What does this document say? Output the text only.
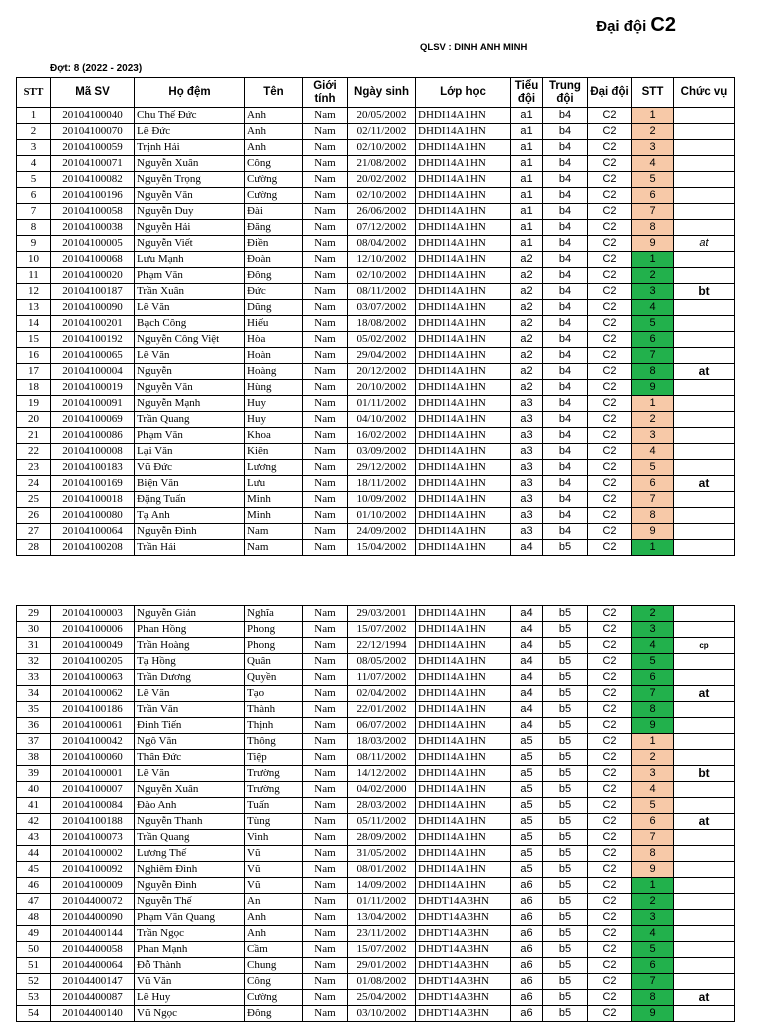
Đại đội C2
QLSV : DINH ANH MINH
Đợt: 8 (2022 - 2023)
STT	Mã SV	Họ đệm	Tên	Giới tính	Ngày sinh	Lớp học	Tiểu đội	Trung đội	Đại đội	STT	Chức vụ
1	20104100040	Chu Thế Đức	Anh	Nam	20/05/2002	DHDI14A1HN	a1	b4	C2	1	
2	20104100070	Lê Đức	Anh	Nam	02/11/2002	DHDI14A1HN	a1	b4	C2	2	
3	20104100059	Trịnh Hải	Anh	Nam	02/10/2002	DHDI14A1HN	a1	b4	C2	3	
4	20104100071	Nguyễn Xuân	Công	Nam	21/08/2002	DHDI14A1HN	a1	b4	C2	4	
5	20104100082	Nguyễn Trọng	Cường	Nam	20/02/2002	DHDI14A1HN	a1	b4	C2	5	
6	20104100196	Nguyễn Văn	Cường	Nam	02/10/2002	DHDI14A1HN	a1	b4	C2	6	
7	20104100058	Nguyễn Duy	Đài	Nam	26/06/2002	DHDI14A1HN	a1	b4	C2	7	
8	20104100038	Nguyễn Hải	Đăng	Nam	07/12/2002	DHDI14A1HN	a1	b4	C2	8	
9	20104100005	Nguyễn Viết	Điền	Nam	08/04/2002	DHDI14A1HN	a1	b4	C2	9	at
10	20104100068	Lưu Mạnh	Đoàn	Nam	12/10/2002	DHDI14A1HN	a2	b4	C2	1	
11	20104100020	Phạm Văn	Đông	Nam	02/10/2002	DHDI14A1HN	a2	b4	C2	2	
12	20104100187	Trần Xuân	Đức	Nam	08/11/2002	DHDI14A1HN	a2	b4	C2	3	bt
13	20104100090	Lê Văn	Dũng	Nam	03/07/2002	DHDI14A1HN	a2	b4	C2	4	
14	20104100201	Bạch Công	Hiếu	Nam	18/08/2002	DHDI14A1HN	a2	b4	C2	5	
15	20104100192	Nguyễn Công Việt	Hòa	Nam	05/02/2002	DHDI14A1HN	a2	b4	C2	6	
16	20104100065	Lê Văn	Hoàn	Nam	29/04/2002	DHDI14A1HN	a2	b4	C2	7	
17	20104100004	Nguyễn	Hoàng	Nam	20/12/2002	DHDI14A1HN	a2	b4	C2	8	at
18	20104100019	Nguyễn Văn	Hùng	Nam	20/10/2002	DHDI14A1HN	a2	b4	C2	9	
19	20104100091	Nguyễn Mạnh	Huy	Nam	01/11/2002	DHDI14A1HN	a3	b4	C2	1	
20	20104100069	Trần Quang	Huy	Nam	04/10/2002	DHDI14A1HN	a3	b4	C2	2	
21	20104100086	Phạm Văn	Khoa	Nam	16/02/2002	DHDI14A1HN	a3	b4	C2	3	
22	20104100008	Lại Văn	Kiên	Nam	03/09/2002	DHDI14A1HN	a3	b4	C2	4	
23	20104100183	Vũ Đức	Lương	Nam	29/12/2002	DHDI14A1HN	a3	b4	C2	5	
24	20104100169	Biện Văn	Lưu	Nam	18/11/2002	DHDI14A1HN	a3	b4	C2	6	at
25	20104100018	Đặng Tuấn	Minh	Nam	10/09/2002	DHDI14A1HN	a3	b4	C2	7	
26	20104100080	Tạ Anh	Minh	Nam	01/10/2002	DHDI14A1HN	a3	b4	C2	8	
27	20104100064	Nguyễn Đình	Nam	Nam	24/09/2002	DHDI14A1HN	a3	b4	C2	9	
28	20104100208	Trần Hải	Nam	Nam	15/04/2002	DHDI14A1HN	a4	b5	C2	1	
29	20104100003	Nguyễn Giản	Nghĩa	Nam	29/03/2001	DHDI14A1HN	a4	b5	C2	2	
30	20104100006	Phan Hồng	Phong	Nam	15/07/2002	DHDI14A1HN	a4	b5	C2	3	
31	20104100049	Trần Hoàng	Phong	Nam	22/12/1994	DHDI14A1HN	a4	b5	C2	4	cp
32	20104100205	Tạ Hồng	Quân	Nam	08/05/2002	DHDI14A1HN	a4	b5	C2	5	
33	20104100063	Trần Dương	Quyền	Nam	11/07/2002	DHDI14A1HN	a4	b5	C2	6	
34	20104100062	Lê Văn	Tạo	Nam	02/04/2002	DHDI14A1HN	a4	b5	C2	7	at
35	20104100186	Trần Văn	Thành	Nam	22/01/2002	DHDI14A1HN	a4	b5	C2	8	
36	20104100061	Đinh Tiến	Thịnh	Nam	06/07/2002	DHDI14A1HN	a4	b5	C2	9	
37	20104100042	Ngô Văn	Thông	Nam	18/03/2002	DHDI14A1HN	a5	b5	C2	1	
38	20104100060	Thân Đức	Tiệp	Nam	08/11/2002	DHDI14A1HN	a5	b5	C2	2	
39	20104100001	Lê Văn	Trường	Nam	14/12/2002	DHDI14A1HN	a5	b5	C2	3	bt
40	20104100007	Nguyễn Xuân	Trường	Nam	04/02/2000	DHDI14A1HN	a5	b5	C2	4	
41	20104100084	Đào Anh	Tuấn	Nam	28/03/2002	DHDI14A1HN	a5	b5	C2	5	
42	20104100188	Nguyễn Thanh	Tùng	Nam	05/11/2002	DHDI14A1HN	a5	b5	C2	6	at
43	20104100073	Trần Quang	Vinh	Nam	28/09/2002	DHDI14A1HN	a5	b5	C2	7	
44	20104100002	Lương Thế	Vũ	Nam	31/05/2002	DHDI14A1HN	a5	b5	C2	8	
45	20104100092	Nghiêm Đình	Vũ	Nam	08/01/2002	DHDI14A1HN	a5	b5	C2	9	
46	20104100009	Nguyễn Đình	Vũ	Nam	14/09/2002	DHDI14A1HN	a6	b5	C2	1	
47	20104400072	Nguyễn Thế	An	Nam	01/11/2002	DHDT14A3HN	a6	b5	C2	2	
48	20104400090	Phạm Văn Quang	Anh	Nam	13/04/2002	DHDT14A3HN	a6	b5	C2	3	
49	20104400144	Trần Ngọc	Anh	Nam	23/11/2002	DHDT14A3HN	a6	b5	C2	4	
50	20104400058	Phan Mạnh	Cầm	Nam	15/07/2002	DHDT14A3HN	a6	b5	C2	5	
51	20104400064	Đỗ Thành	Chung	Nam	29/01/2002	DHDT14A3HN	a6	b5	C2	6	
52	20104400147	Vũ Văn	Công	Nam	01/08/2002	DHDT14A3HN	a6	b5	C2	7	
53	20104400087	Lê Huy	Cường	Nam	25/04/2002	DHDT14A3HN	a6	b5	C2	8	at
54	20104400140	Vũ Ngọc	Đông	Nam	03/10/2002	DHDT14A3HN	a6	b5	C2	9	
